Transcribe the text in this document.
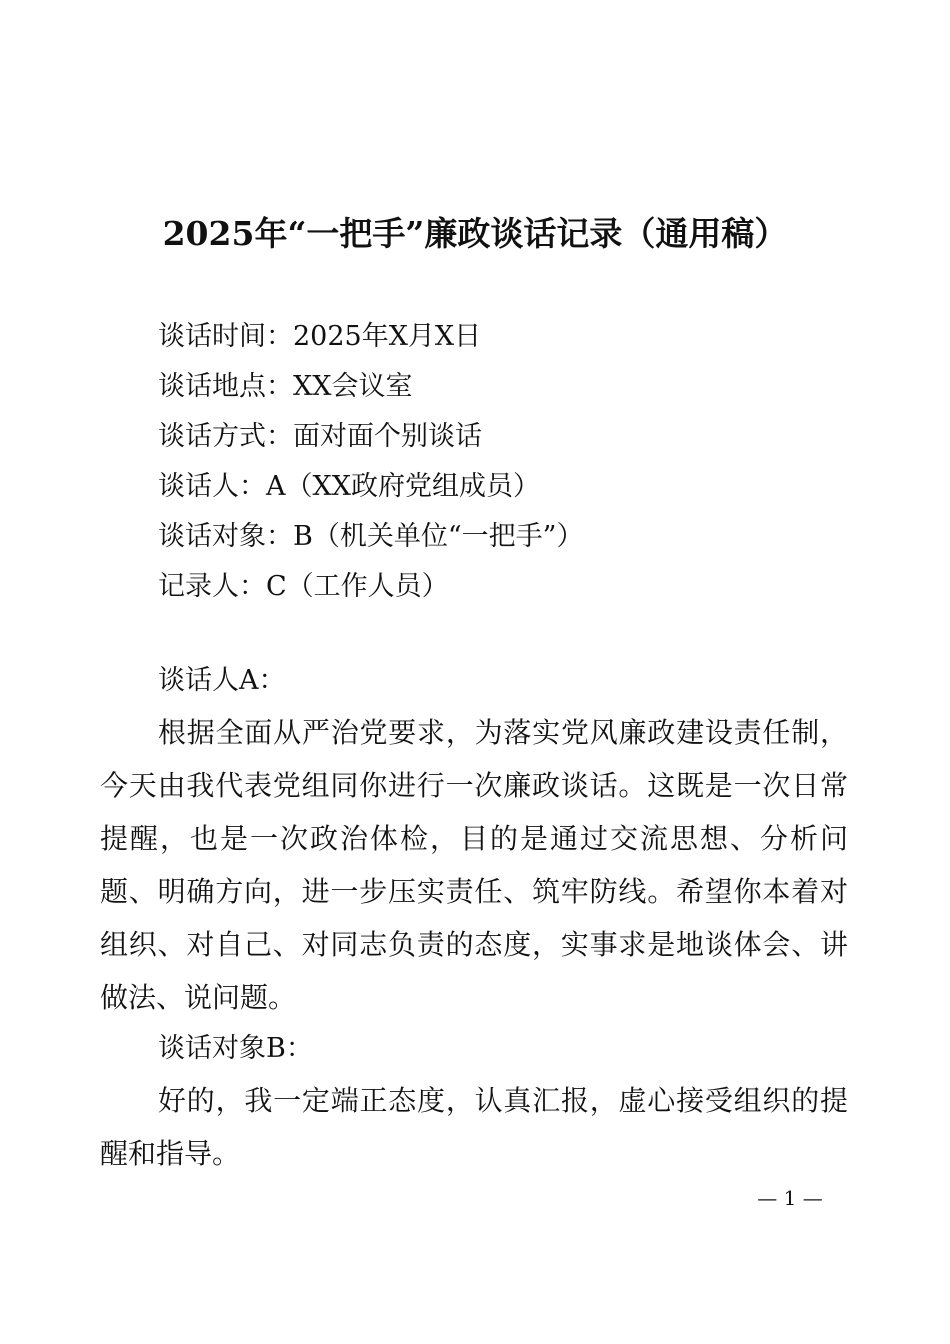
2025年“一把手”廉政谈话记录（通用稿）
谈话时间：2025年X月X日
谈话地点：XX会议室
谈话方式：面对面个别谈话
谈话人：A（XX政府党组成员）
谈话对象：B（机关单位“一把手”）
记录人：C（工作人员）
谈话人A：

根据全面从严治党要求，为落实党风廉政建设责任制，今天由我代表党组同你进行一次廉政谈话。这既是一次日常提醒，也是一次政治体检，目的是通过交流思想、分析问题、明确方向，进一步压实责任、筑牢防线。希望你本着对组织、对自己、对同志负责的态度，实事求是地谈体会、讲做法、说问题。

谈话对象B：

好的，我一定端正态度，认真汇报，虚心接受组织的提醒和指导。

— 1 —
